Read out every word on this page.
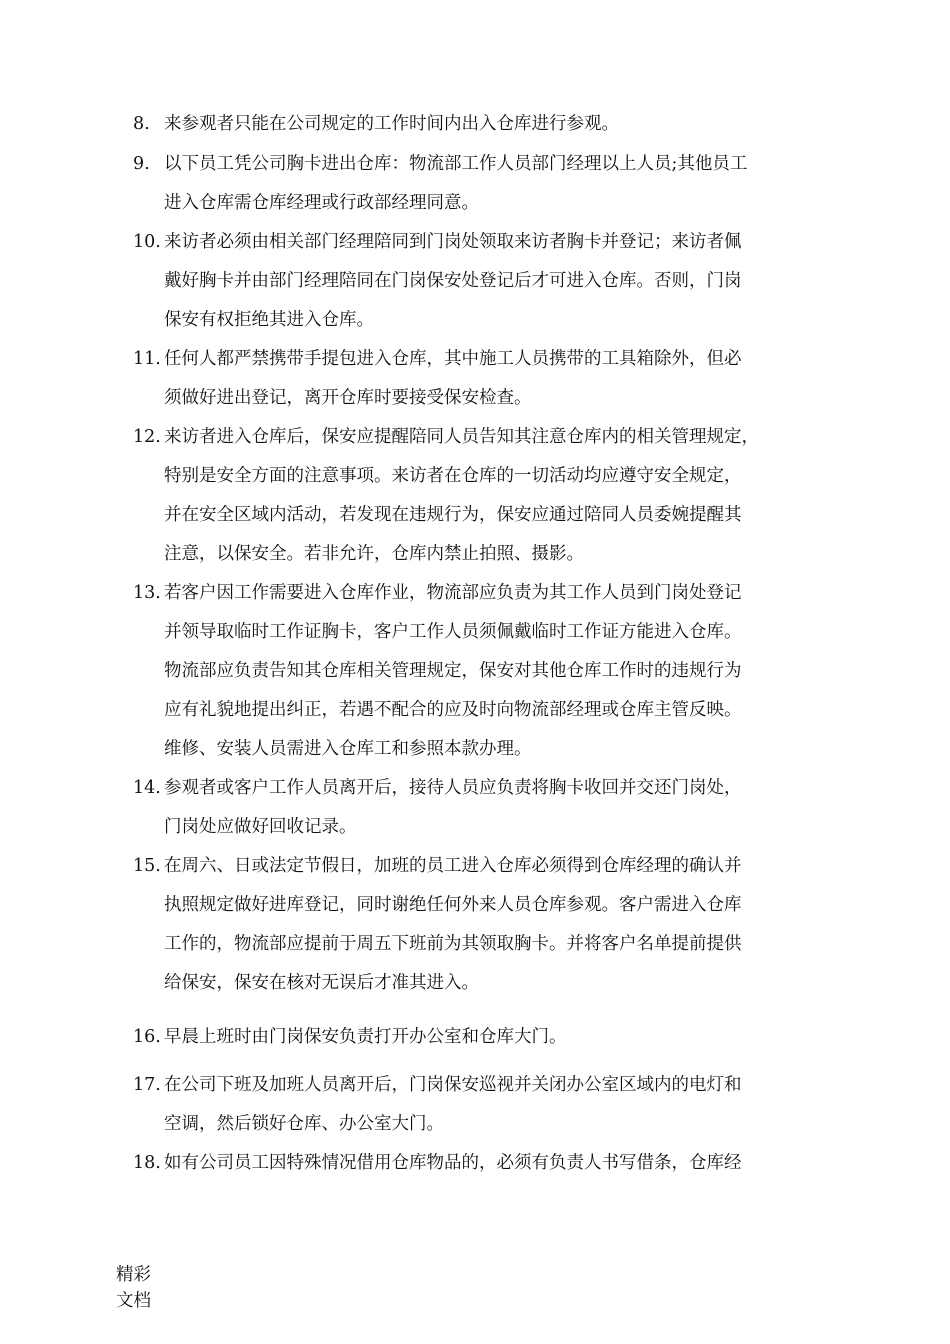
8. 来参观者只能在公司规定的工作时间内出入仓库进行参观。
9. 以下员工凭公司胸卡进出仓库：物流部工作人员部门经理以上人员;其他员工
进入仓库需仓库经理或行政部经理同意。
10. 来访者必须由相关部门经理陪同到门岗处领取来访者胸卡并登记；来访者佩
戴好胸卡并由部门经理陪同在门岗保安处登记后才可进入仓库。否则，门岗
保安有权拒绝其进入仓库。
11. 任何人都严禁携带手提包进入仓库，其中施工人员携带的工具箱除外，但必
须做好进出登记，离开仓库时要接受保安检查。
12. 来访者进入仓库后，保安应提醒陪同人员告知其注意仓库内的相关管理规定，
特别是安全方面的注意事项。来访者在仓库的一切活动均应遵守安全规定，
并在安全区域内活动，若发现在违规行为，保安应通过陪同人员委婉提醒其
注意，以保安全。若非允许，仓库内禁止拍照、摄影。
13. 若客户因工作需要进入仓库作业，物流部应负责为其工作人员到门岗处登记
并领导取临时工作证胸卡，客户工作人员须佩戴临时工作证方能进入仓库。
物流部应负责告知其仓库相关管理规定，保安对其他仓库工作时的违规行为
应有礼貌地提出纠正，若遇不配合的应及时向物流部经理或仓库主管反映。
维修、安装人员需进入仓库工和参照本款办理。
14. 参观者或客户工作人员离开后，接待人员应负责将胸卡收回并交还门岗处，
门岗处应做好回收记录。
15. 在周六、日或法定节假日，加班的员工进入仓库必须得到仓库经理的确认并
执照规定做好进库登记，同时谢绝任何外来人员仓库参观。客户需进入仓库
工作的，物流部应提前于周五下班前为其领取胸卡。并将客户名单提前提供
给保安，保安在核对无误后才准其进入。
16. 早晨上班时由门岗保安负责打开办公室和仓库大门。
17. 在公司下班及加班人员离开后，门岗保安巡视并关闭办公室区域内的电灯和
空调，然后锁好仓库、办公室大门。
18. 如有公司员工因特殊情况借用仓库物品的，必须有负责人书写借条，仓库经
精彩
文档
